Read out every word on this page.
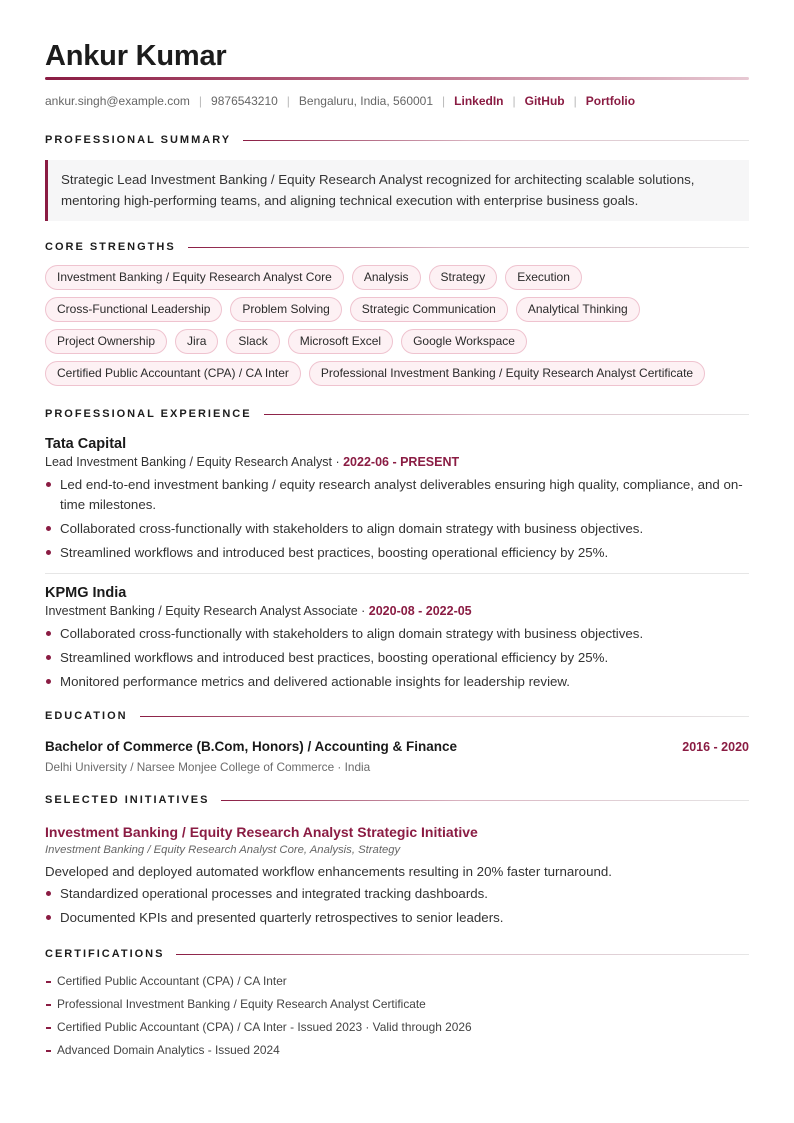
Ankur Kumar
ankur.singh@example.com | 9876543210 | Bengaluru, India, 560001 | LinkedIn | GitHub | Portfolio
PROFESSIONAL SUMMARY
Strategic Lead Investment Banking / Equity Research Analyst recognized for architecting scalable solutions, mentoring high-performing teams, and aligning technical execution with enterprise business goals.
CORE STRENGTHS
Investment Banking / Equity Research Analyst Core	Analysis	Strategy	Execution
Cross-Functional Leadership	Problem Solving	Strategic Communication	Analytical Thinking
Project Ownership	Jira	Slack	Microsoft Excel	Google Workspace
Certified Public Accountant (CPA) / CA Inter	Professional Investment Banking / Equity Research Analyst Certificate
PROFESSIONAL EXPERIENCE
Tata Capital
Lead Investment Banking / Equity Research Analyst · 2022-06 - PRESENT
Led end-to-end investment banking / equity research analyst deliverables ensuring high quality, compliance, and on-time milestones.
Collaborated cross-functionally with stakeholders to align domain strategy with business objectives.
Streamlined workflows and introduced best practices, boosting operational efficiency by 25%.
KPMG India
Investment Banking / Equity Research Analyst Associate · 2020-08 - 2022-05
Collaborated cross-functionally with stakeholders to align domain strategy with business objectives.
Streamlined workflows and introduced best practices, boosting operational efficiency by 25%.
Monitored performance metrics and delivered actionable insights for leadership review.
EDUCATION
Bachelor of Commerce (B.Com, Honors) / Accounting & Finance	2016 - 2020
Delhi University / Narsee Monjee College of Commerce · India
SELECTED INITIATIVES
Investment Banking / Equity Research Analyst Strategic Initiative
Investment Banking / Equity Research Analyst Core, Analysis, Strategy
Developed and deployed automated workflow enhancements resulting in 20% faster turnaround.
Standardized operational processes and integrated tracking dashboards.
Documented KPIs and presented quarterly retrospectives to senior leaders.
CERTIFICATIONS
Certified Public Accountant (CPA) / CA Inter
Professional Investment Banking / Equity Research Analyst Certificate
Certified Public Accountant (CPA) / CA Inter - Issued 2023 · Valid through 2026
Advanced Domain Analytics - Issued 2024
